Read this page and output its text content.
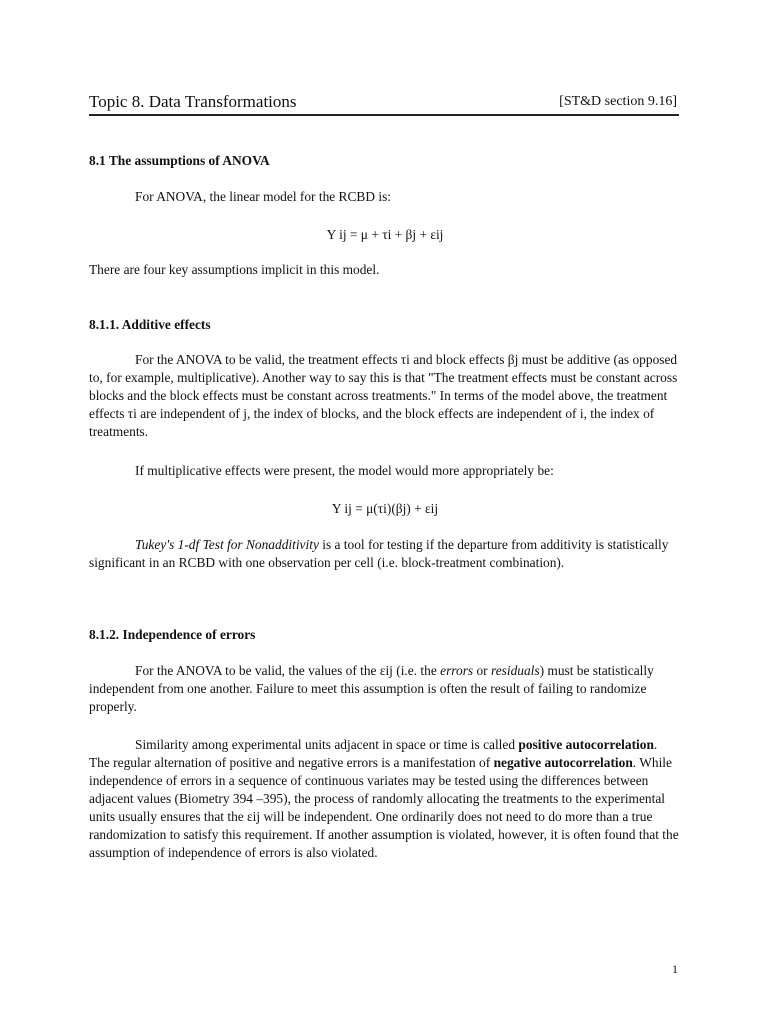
Topic 8. Data Transformations	[ST&D section 9.16]
8.1 The assumptions of ANOVA
For ANOVA, the linear model for the RCBD is:
Y ij = μ + τi + βj + εij
There are four key assumptions implicit in this model.
8.1.1. Additive effects
For the ANOVA to be valid, the treatment effects τi and block effects βj must be additive (as opposed to, for example, multiplicative). Another way to say this is that "The treatment effects must be constant across blocks and the block effects must be constant across treatments." In terms of the model above, the treatment effects τi are independent of j, the index of blocks, and the block effects are independent of i, the index of treatments.
If multiplicative effects were present, the model would more appropriately be:
Y ij = μ(τi)(βj) + εij
Tukey's 1-df Test for Nonadditivity is a tool for testing if the departure from additivity is statistically significant in an RCBD with one observation per cell (i.e. block-treatment combination).
8.1.2. Independence of errors
For the ANOVA to be valid, the values of the εij (i.e. the errors or residuals) must be statistically independent from one another. Failure to meet this assumption is often the result of failing to randomize properly.
Similarity among experimental units adjacent in space or time is called positive autocorrelation. The regular alternation of positive and negative errors is a manifestation of negative autocorrelation. While independence of errors in a sequence of continuous variates may be tested using the differences between adjacent values (Biometry 394 –395), the process of randomly allocating the treatments to the experimental units usually ensures that the εij will be independent. One ordinarily does not need to do more than a true randomization to satisfy this requirement. If another assumption is violated, however, it is often found that the assumption of independence of errors is also violated.
1
